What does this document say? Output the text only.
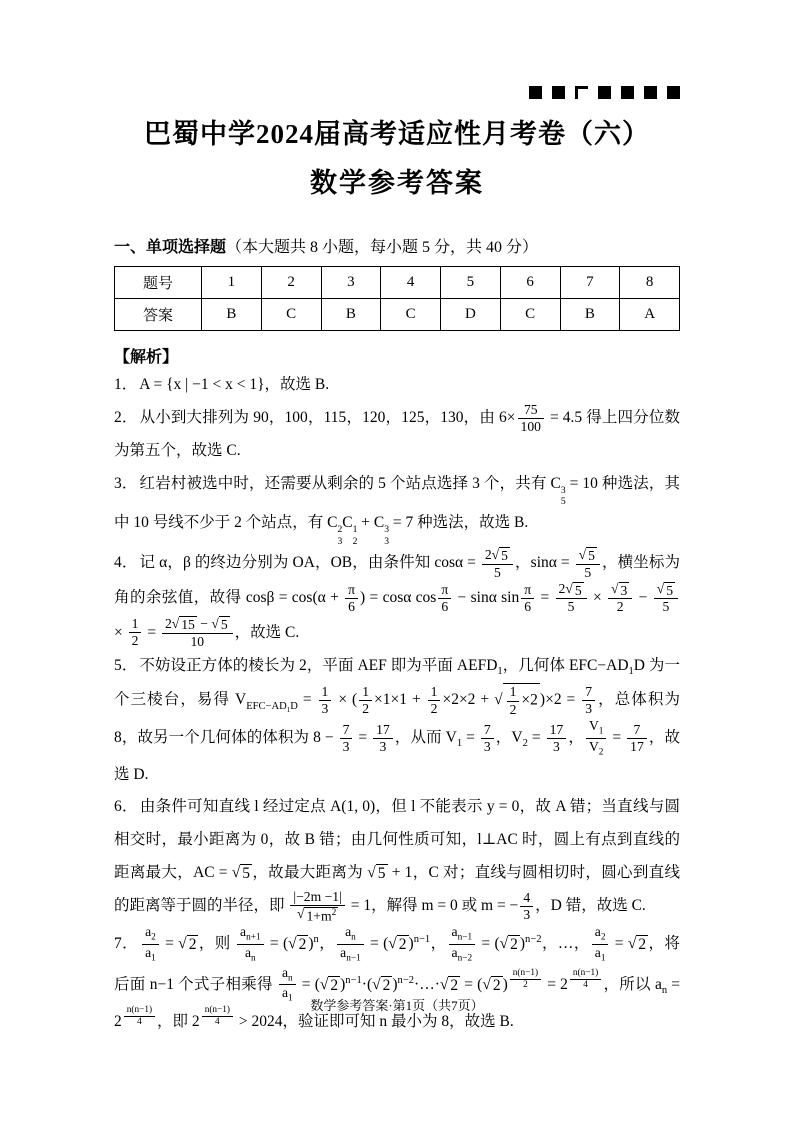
巴蜀中学2024届高考适应性月考卷（六）
数学参考答案
一、单项选择题（本大题共 8 小题，每小题 5 分，共 40 分）
题号	1	2	3	4	5	6	7	8
答案	B	C	B	C	D	C	B	A
【解析】
1． A = {x | −1 < x < 1}，故选 B.
2． 从小到大排列为 90，100，115，120，125，130，由 $6\times \frac{75}{100} = 4.5$ 得上四分位数为第五个，故选 C.
3． 红岩村被选中时，还需要从剩余的 5 个站点选择 3 个，共有 C 3
5
= 10 种选法，其中 10 号线不少于 2 个站点，有 C 2
3
C 1
2
+ C 3
3
= 7 种选法，故选 B.
4． 记 α，β 的终边分别为 OA，OB，由条件知 $\cos\alpha = \frac{2√ 5}{5}$ ，$\sin\alpha = \frac{√ 5}{5}$ ，横坐标为角的余弦值，故得 $\cos\beta = \cos(\alpha + \frac{\pi}{6}$ ) = cosα $\cos \frac{\pi}{6} - \sin\alpha$ $\sin \frac{\pi}{6} = \frac{2√ 5}{5} \times \frac{√ 3}{2} - \frac{√ 5}{5}$
× $\frac{1}{2} = \frac{2√ 15 - √ 5}{10}$ ，故选 C.
5． 不妨设正方体的棱长为 2，平面 AEF 即为平面 $AEFD_1$，几何体 $EFC-AD_1D$ 为一个三棱台，易得 $V_{EFC-AD_1D} = \frac{1}{3}$ × ( $\frac{1}{2} \times 1\times 1 + \frac{1}{2} \times 2\times 2$ + √ $\frac{1}{2} \times 2$ )$\times 2 = \frac{7}{3}$ ，总体积为 8，故另一个几何体的体积为 $8 - \frac{7}{3} = \frac{17}{3}$ ，从而 $V_1 = \frac{7}{3}$ ，$V_2 = \frac{17}{3}$ ， $\frac{V_1}{V_2} = \frac{7}{17}$ ，故选 D.
6． 由条件可知直线 l 经过定点 A(1, 0)，但 l 不能表示 y = 0，故 A 错；当直线与圆相交时，最小距离为 0，故 B 错；由几何性质可知，l⊥AC 时，圆上有点到直线的距离最大，AC = √ 5 ，故最大距离为 √ 5 + 1，C 对；直线与圆相切时，圆心到直线的距离等于圆的半径，即 $\frac{|-2m -1|}{√ 1+m^2} = 1$，解得 m = 0 或 m = − $\frac{4}{3}$ ，D 错，故选 C.
7． $\frac{a_2}{a_1}$ = √ 2 ，则 $\frac{a_{n+1}}{a_n}$ = (√ 2 )$^n$， $\frac{a_n}{a_{n-1}}$ = (√ 2 )$^{n-1}$， $\frac{a_{n-1}}{a_{n-2}}$ = (√ 2 )$^{n-2}$，…， $\frac{a_2}{a_1}$ = √ 2 ，将后面 n−1 个式子相乘得 $\frac{a_n}{a_1}$ = (√ 2 )$^{n-1}$·(√ 2 )$^{n-2}$·…·√ 2 = (√ 2 ) $^{\frac{n(n-1)}{2}}$ = 2 $^{\frac{n(n-1)}{4}}$ ，所以 $a_n = 2$ $^{\frac{n(n-1)}{4}}$ ，即 2 $^{\frac{n(n-1)}{4}}$ > 2024，验证即可知 n 最小为 8，故选 B.
数学参考答案·第1页（共7页）
